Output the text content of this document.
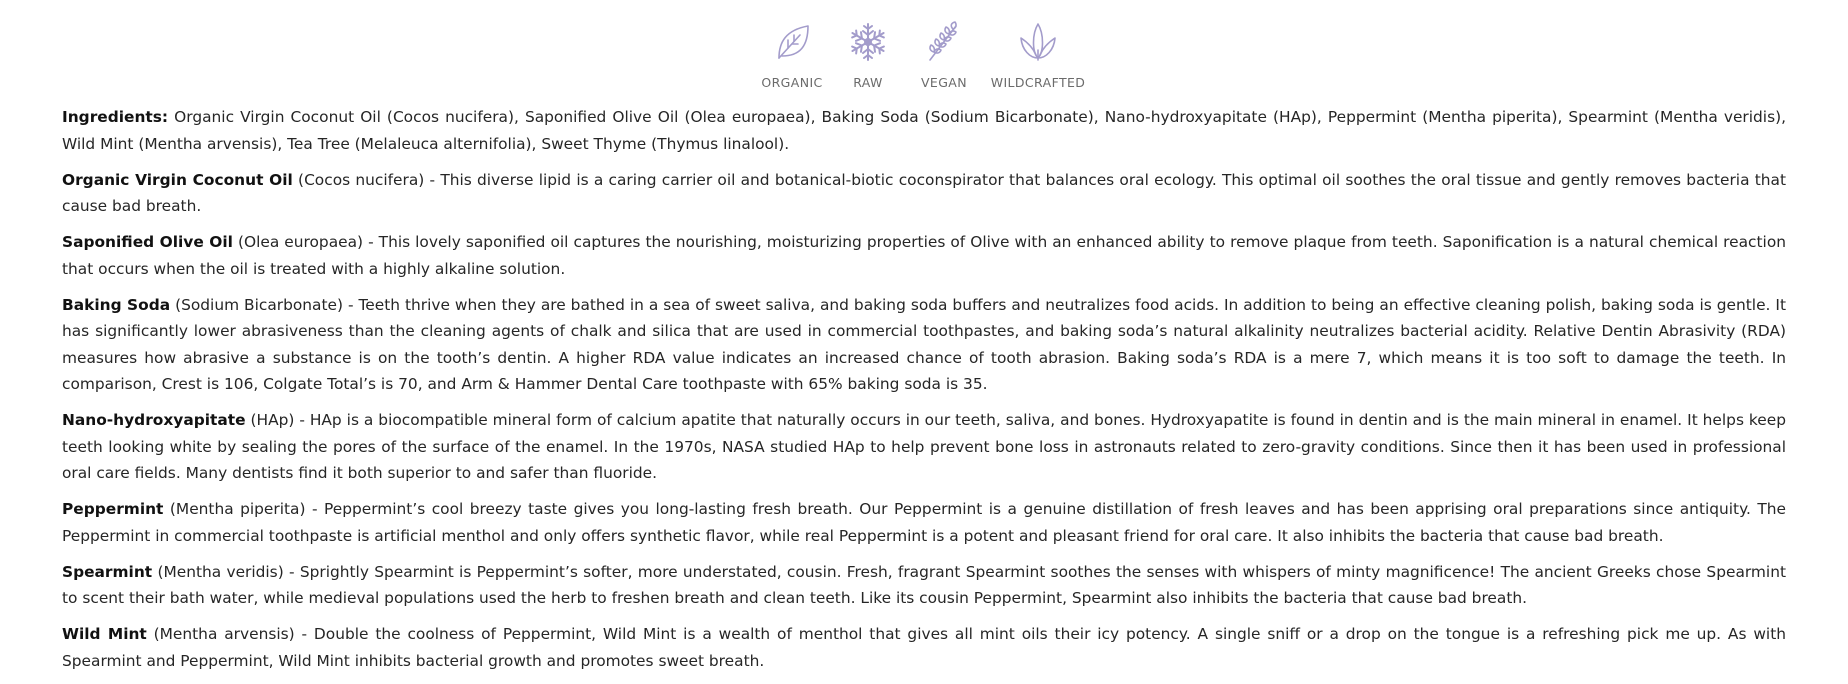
ORGANIC RAW	VEGAN WILDCRAFTED

Ingredients: Organic Virgin Coconut Oil (Cocos nucifera), Saponified Olive Oil (Olea europaea), Baking Soda (Sodium Bicarbonate), Nano-hydroxyapitate (HAp), Peppermint (Mentha piperita), Spearmint (Mentha veridis), Wild Mint (Mentha arvensis), Tea Tree (Melaleuca alternifolia), Sweet Thyme (Thymus linalool).

Organic Virgin Coconut Oil (Cocos nucifera) - This diverse lipid is a caring carrier oil and botanical-biotic coconspirator that balances oral ecology. This optimal oil soothes the oral tissue and gently removes bacteria that cause bad breath.

Saponified Olive Oil (Olea europaea) - This lovely saponified oil captures the nourishing, moisturizing properties of Olive with an enhanced ability to remove plaque from teeth. Saponification is a natural chemical reaction that occurs when the oil is treated with a highly alkaline solution.

Baking Soda (Sodium Bicarbonate) - Teeth thrive when they are bathed in a sea of sweet saliva, and baking soda buffers and neutralizes food acids. In addition to being an effective cleaning polish, baking soda is gentle. It has significantly lower abrasiveness than the cleaning agents of chalk and silica that are used in commercial toothpastes, and baking soda’s natural alkalinity neutralizes bacterial acidity. Relative Dentin Abrasivity (RDA) measures how abrasive a substance is on the tooth’s dentin. A higher RDA value indicates an increased chance of tooth abrasion. Baking soda’s RDA is a mere 7, which means it is too soft to damage the teeth. In comparison, Crest is 106, Colgate Total’s is 70, and Arm & Hammer Dental Care toothpaste with 65% baking soda is 35.

Nano-hydroxyapitate (HAp) - HAp is a biocompatible mineral form of calcium apatite that naturally occurs in our teeth, saliva, and bones. Hydroxyapatite is found in dentin and is the main mineral in enamel. It helps keep teeth looking white by sealing the pores of the surface of the enamel. In the 1970s, NASA studied HAp to help prevent bone loss in astronauts related to zero-gravity conditions. Since then it has been used in professional oral care fields. Many dentists find it both superior to and safer than fluoride.

Peppermint (Mentha piperita) - Peppermint’s cool breezy taste gives you long-lasting fresh breath. Our Peppermint is a genuine distillation of fresh leaves and has been apprising oral preparations since antiquity. The Peppermint in commercial toothpaste is artificial menthol and only offers synthetic flavor, while real Peppermint is a potent and pleasant friend for oral care. It also inhibits the bacteria that cause bad breath.

Spearmint (Mentha veridis) - Sprightly Spearmint is Peppermint’s softer, more understated, cousin. Fresh, fragrant Spearmint soothes the senses with whispers of minty magnificence! The ancient Greeks chose Spearmint to scent their bath water, while medieval populations used the herb to freshen breath and clean teeth. Like its cousin Peppermint, Spearmint also inhibits the bacteria that cause bad breath.

Wild Mint (Mentha arvensis) - Double the coolness of Peppermint, Wild Mint is a wealth of menthol that gives all mint oils their icy potency. A single sniff or a drop on the tongue is a refreshing pick me up. As with Spearmint and Peppermint, Wild Mint inhibits bacterial growth and promotes sweet breath.
